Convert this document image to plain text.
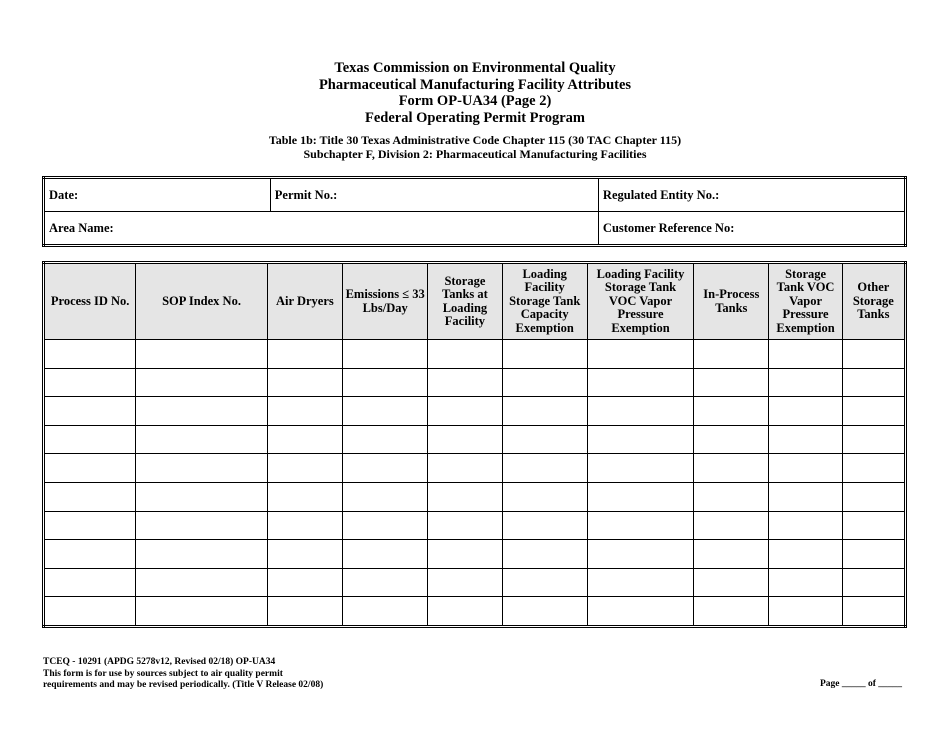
Texas Commission on Environmental Quality
Pharmaceutical Manufacturing Facility Attributes
Form OP-UA34 (Page 2)
Federal Operating Permit Program
Table 1b: Title 30 Texas Administrative Code Chapter 115 (30 TAC Chapter 115)
Subchapter F, Division 2: Pharmaceutical Manufacturing Facilities
Date:	Permit No.:	Regulated Entity No.:
Area Name:		Customer Reference No:
Process ID No.	SOP Index No.	Air Dryers	Emissions ≤ 33 Lbs/Day	Storage Tanks at Loading Facility	Loading Facility Storage Tank Capacity Exemption	Loading Facility Storage Tank VOC Vapor Pressure Exemption	In-Process Tanks	Storage Tank VOC Vapor Pressure Exemption	Other Storage Tanks

TCEQ - 10291 (APDG 5278v12, Revised 02/18) OP-UA34
This form is for use by sources subject to air quality permit
requirements and may be revised periodically. (Title V Release 02/08)	Page _____ of _____
